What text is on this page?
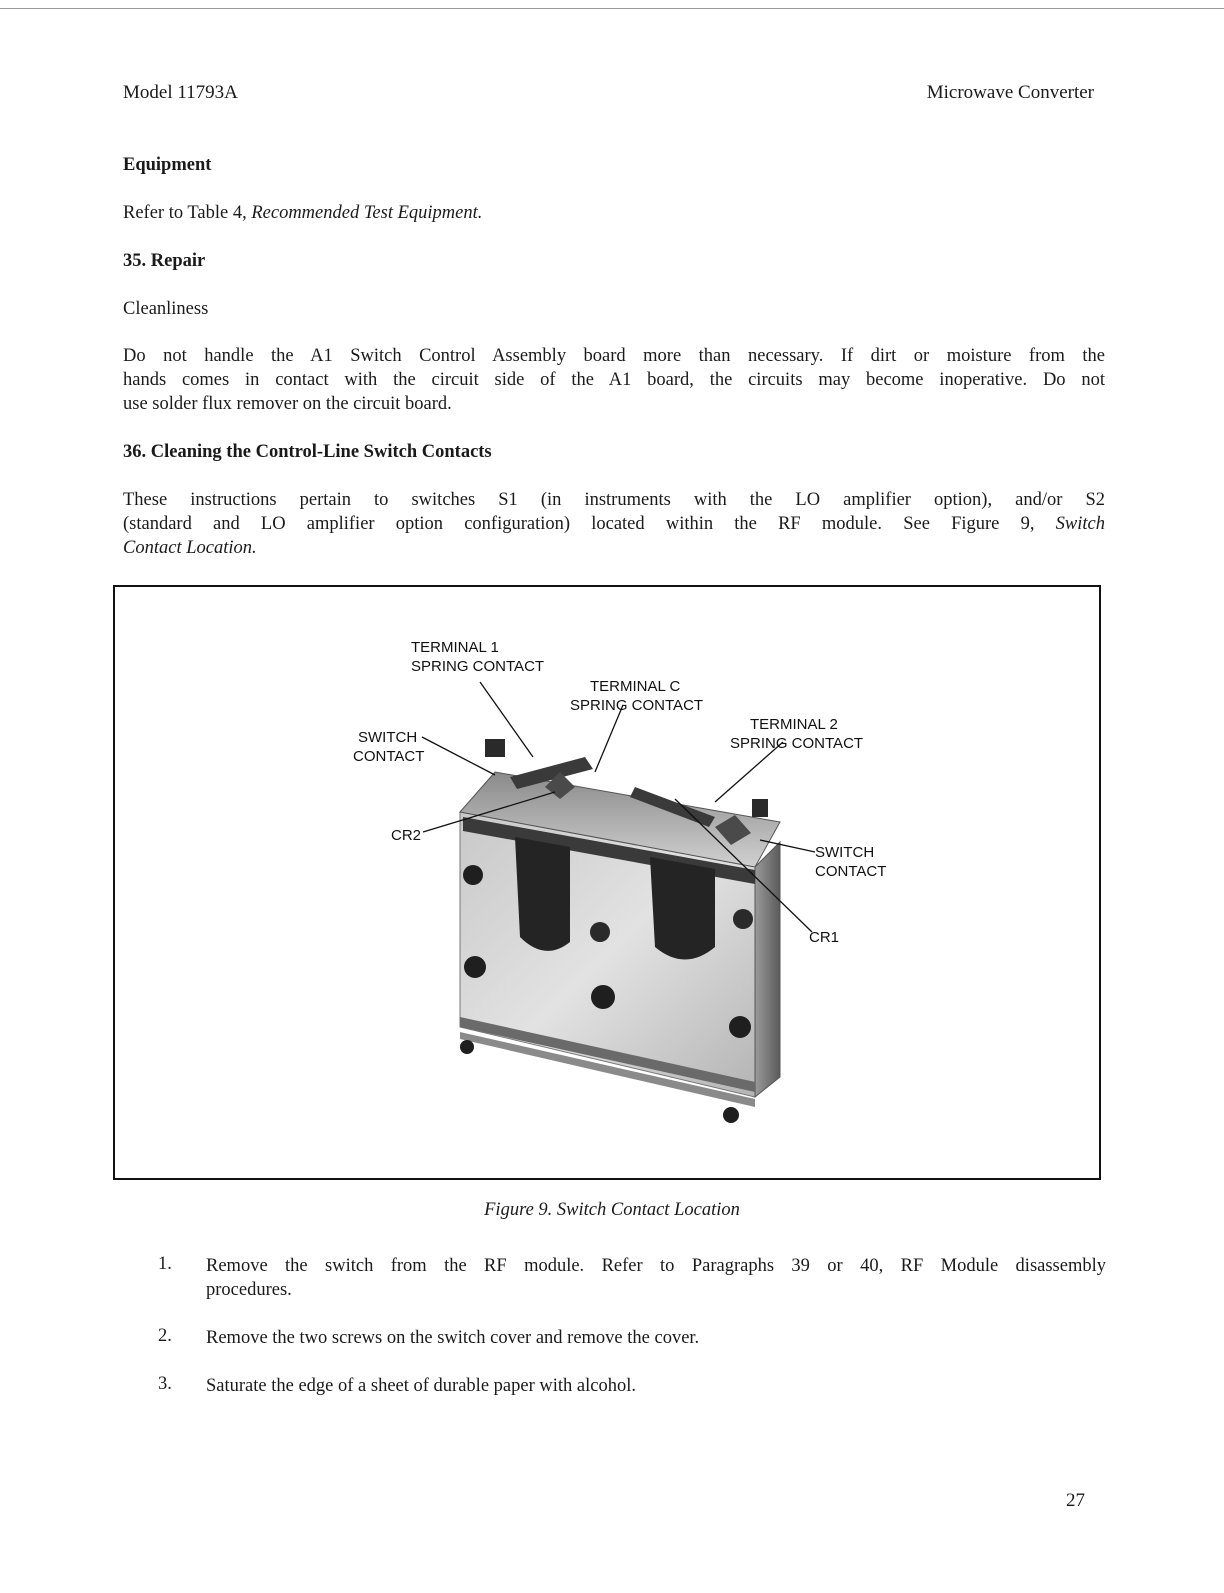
Model 11793A	Microwave Converter
Equipment
Refer to Table 4, Recommended Test Equipment.
35. Repair
Cleanliness
Do not handle the A1 Switch Control Assembly board more than necessary. If dirt or moisture from the
hands comes in contact with the circuit side of the A1 board, the circuits may become inoperative. Do not
use solder flux remover on the circuit board.
36. Cleaning the Control-Line Switch Contacts
These instructions pertain to switches S1 (in instruments with the LO amplifier option), and/or S2
(standard and LO amplifier option configuration) located within the RF module. See Figure 9, Switch
Contact Location.
TERMINAL 1
SPRING CONTACT
TERMINAL C
SPRING CONTACT
TERMINAL 2
SPRING CONTACT
SWITCH
CONTACT
CR2
SWITCH
CONTACT
CR1
Figure 9. Switch Contact Location
1. Remove the switch from the RF module. Refer to Paragraphs 39 or 40, RF Module disassembly
procedures.
2. Remove the two screws on the switch cover and remove the cover.
3. Saturate the edge of a sheet of durable paper with alcohol.
27
